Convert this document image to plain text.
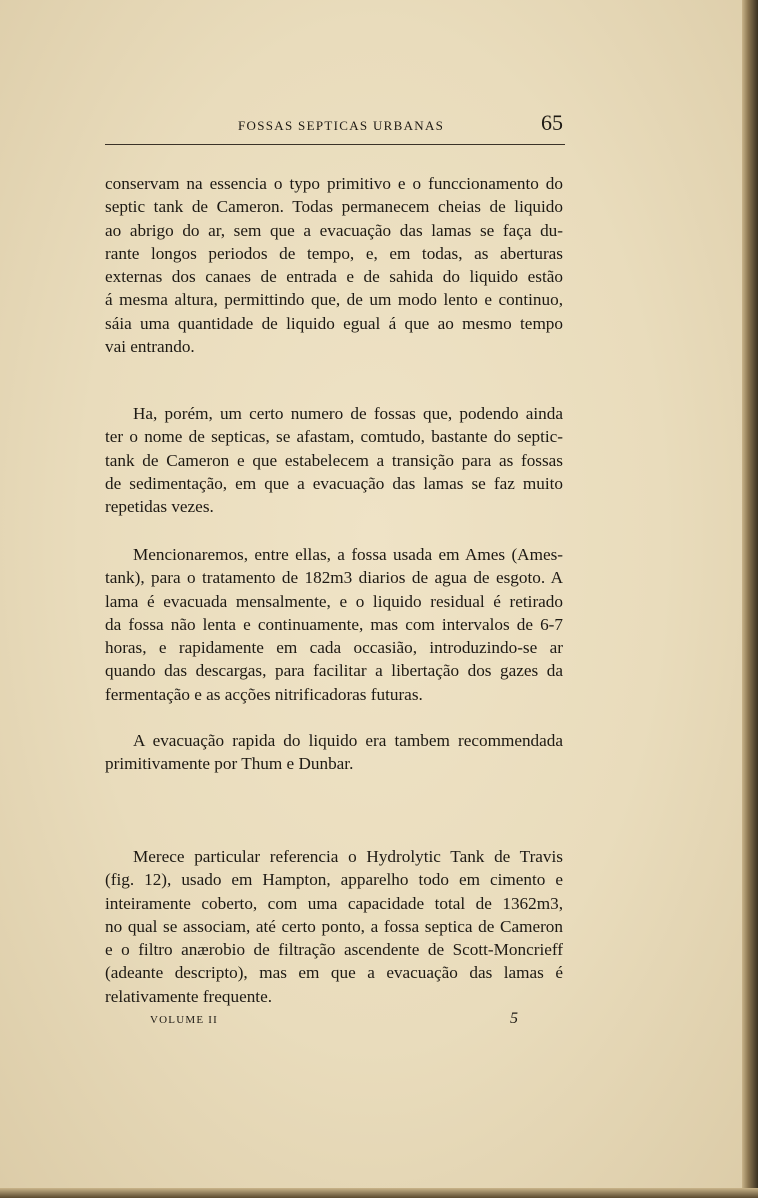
FOSSAS SEPTICAS URBANAS	65
conservam na essencia o typo primitivo e o funccionamento do
septic tank de Cameron. Todas permanecem cheias de liquido
ao abrigo do ar, sem que a evacuação das lamas se faça du-
rante longos periodos de tempo, e, em todas, as aberturas
externas dos canaes de entrada e de sahida do liquido estão
á mesma altura, permittindo que, de um modo lento e continuo,
sáia uma quantidade de liquido egual á que ao mesmo tempo
vai entrando.
Ha, porém, um certo numero de fossas que, podendo ainda
ter o nome de septicas, se afastam, comtudo, bastante do septic-
tank de Cameron e que estabelecem a transição para as fossas
de sedimentação, em que a evacuação das lamas se faz muito
repetidas vezes.
Mencionaremos, entre ellas, a fossa usada em Ames (Ames-
tank), para o tratamento de 182m3 diarios de agua de esgoto. A
lama é evacuada mensalmente, e o liquido residual é retirado
da fossa não lenta e continuamente, mas com intervalos de 6-7
horas, e rapidamente em cada occasião, introduzindo-se ar
quando das descargas, para facilitar a libertação dos gazes da
fermentação e as acções nitrificadoras futuras.
A evacuação rapida do liquido era tambem recommendada
primitivamente por Thum e Dunbar.
Merece particular referencia o Hydrolytic Tank de Travis
(fig. 12), usado em Hampton, apparelho todo em cimento e
inteiramente coberto, com uma capacidade total de 1362m3,
no qual se associam, até certo ponto, a fossa septica de Cameron
e o filtro anærobio de filtração ascendente de Scott-Moncrieff
(adeante descripto), mas em que a evacuação das lamas é
relativamente frequente.
VOLUME II	5
